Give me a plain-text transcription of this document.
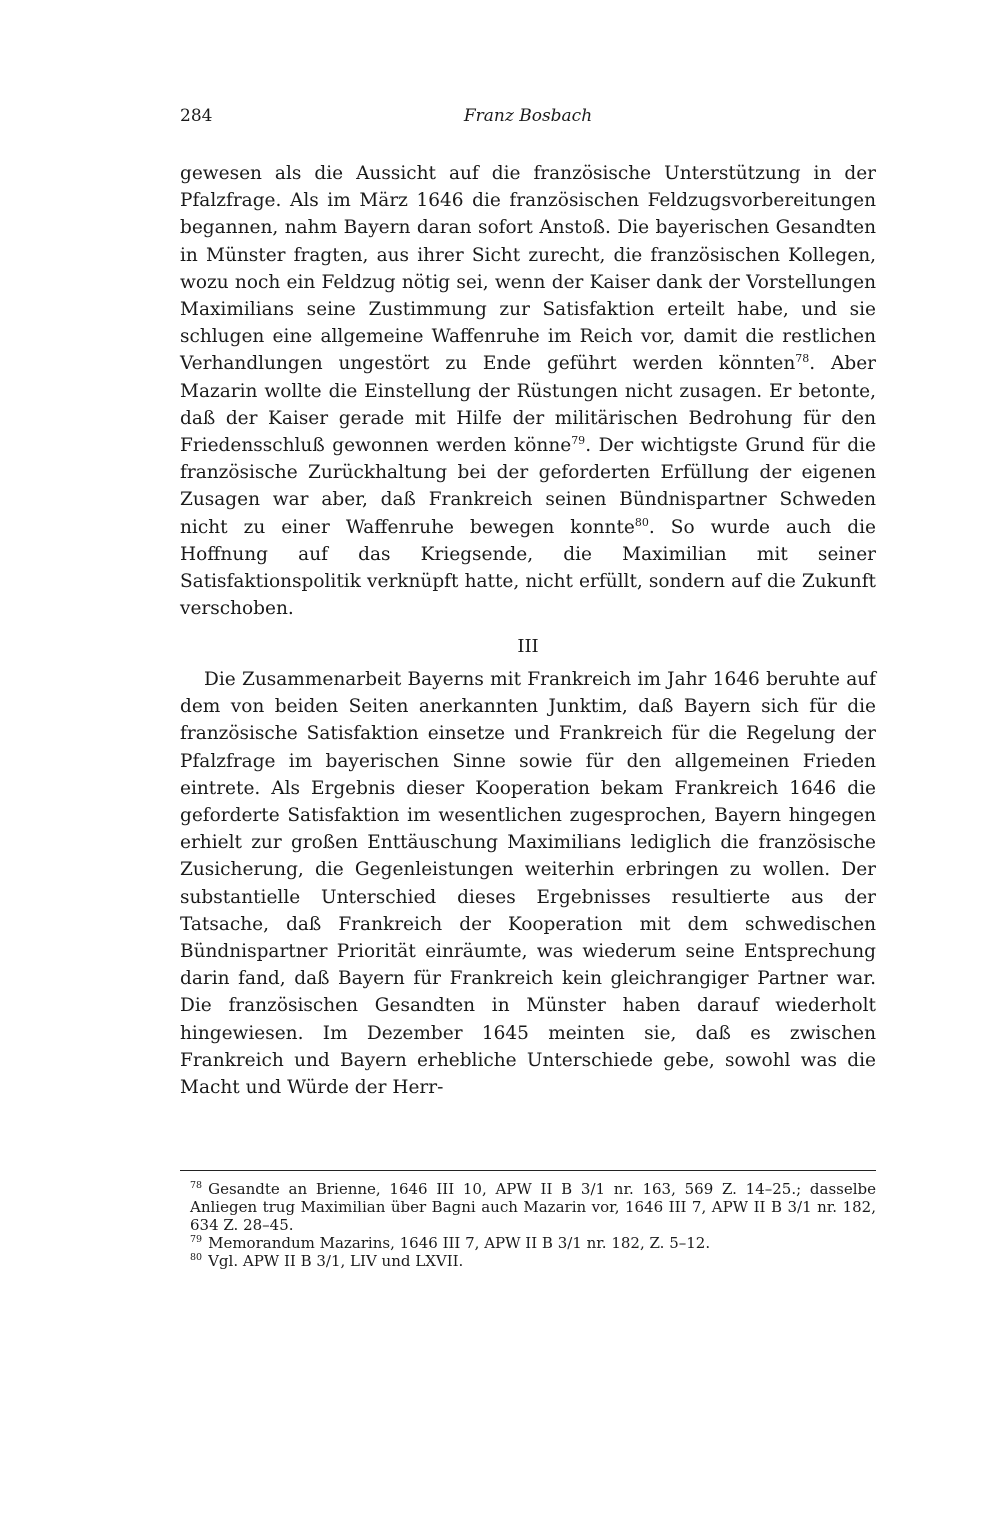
284	Franz Bosbach
gewesen als die Aussicht auf die französische Unterstützung in der Pfalzfrage. Als im März 1646 die französischen Feldzugsvorbereitungen begannen, nahm Bayern daran sofort Anstoß. Die bayerischen Gesandten in Münster fragten, aus ihrer Sicht zurecht, die französischen Kollegen, wozu noch ein Feldzug nötig sei, wenn der Kaiser dank der Vorstellungen Maximilians seine Zustimmung zur Satisfaktion erteilt habe, und sie schlugen eine allgemeine Waffenruhe im Reich vor, damit die restlichen Verhandlungen ungestört zu Ende geführt werden könnten$^{78}$. Aber Mazarin wollte die Einstellung der Rüstungen nicht zusagen. Er betonte, daß der Kaiser gerade mit Hilfe der militärischen Bedrohung für den Friedensschluß gewonnen werden könne$^{79}$. Der wichtigste Grund für die französische Zurückhaltung bei der geforderten Erfüllung der eigenen Zusagen war aber, daß Frankreich seinen Bündnispartner Schweden nicht zu einer Waffenruhe bewegen konnte$^{80}$. So wurde auch die Hoffnung auf das Kriegsende, die Maximilian mit seiner Satisfaktionspolitik verknüpft hatte, nicht erfüllt, sondern auf die Zukunft verschoben.
III
Die Zusammenarbeit Bayerns mit Frankreich im Jahr 1646 beruhte auf dem von beiden Seiten anerkannten Junktim, daß Bayern sich für die französische Satisfaktion einsetze und Frankreich für die Regelung der Pfalzfrage im bayerischen Sinne sowie für den allgemeinen Frieden eintrete. Als Ergebnis dieser Kooperation bekam Frankreich 1646 die geforderte Satisfaktion im wesentlichen zugesprochen, Bayern hingegen erhielt zur großen Enttäuschung Maximilians lediglich die französische Zusicherung, die Gegenleistungen weiterhin erbringen zu wollen. Der substantielle Unterschied dieses Ergebnisses resultierte aus der Tatsache, daß Frankreich der Kooperation mit dem schwedischen Bündnispartner Priorität einräumte, was wiederum seine Entsprechung darin fand, daß Bayern für Frankreich kein gleichrangiger Partner war. Die französischen Gesandten in Münster haben darauf wiederholt hingewiesen. Im Dezember 1645 meinten sie, daß es zwischen Frankreich und Bayern erhebliche Unterschiede gebe, sowohl was die Macht und Würde der Herr-

$^{78}$ Gesandte an Brienne, 1646 III 10, APW II B 3/1 nr. 163, 569 Z. 14–25.; dasselbe Anliegen trug Maximilian über Bagni auch Mazarin vor, 1646 III 7, APW II B 3/1 nr. 182, 634 Z. 28–45.

$^{79}$ Memorandum Mazarins, 1646 III 7, APW II B 3/1 nr. 182, Z. 5–12.

$^{80}$ Vgl. APW II B 3/1, LIV und LXVII.
